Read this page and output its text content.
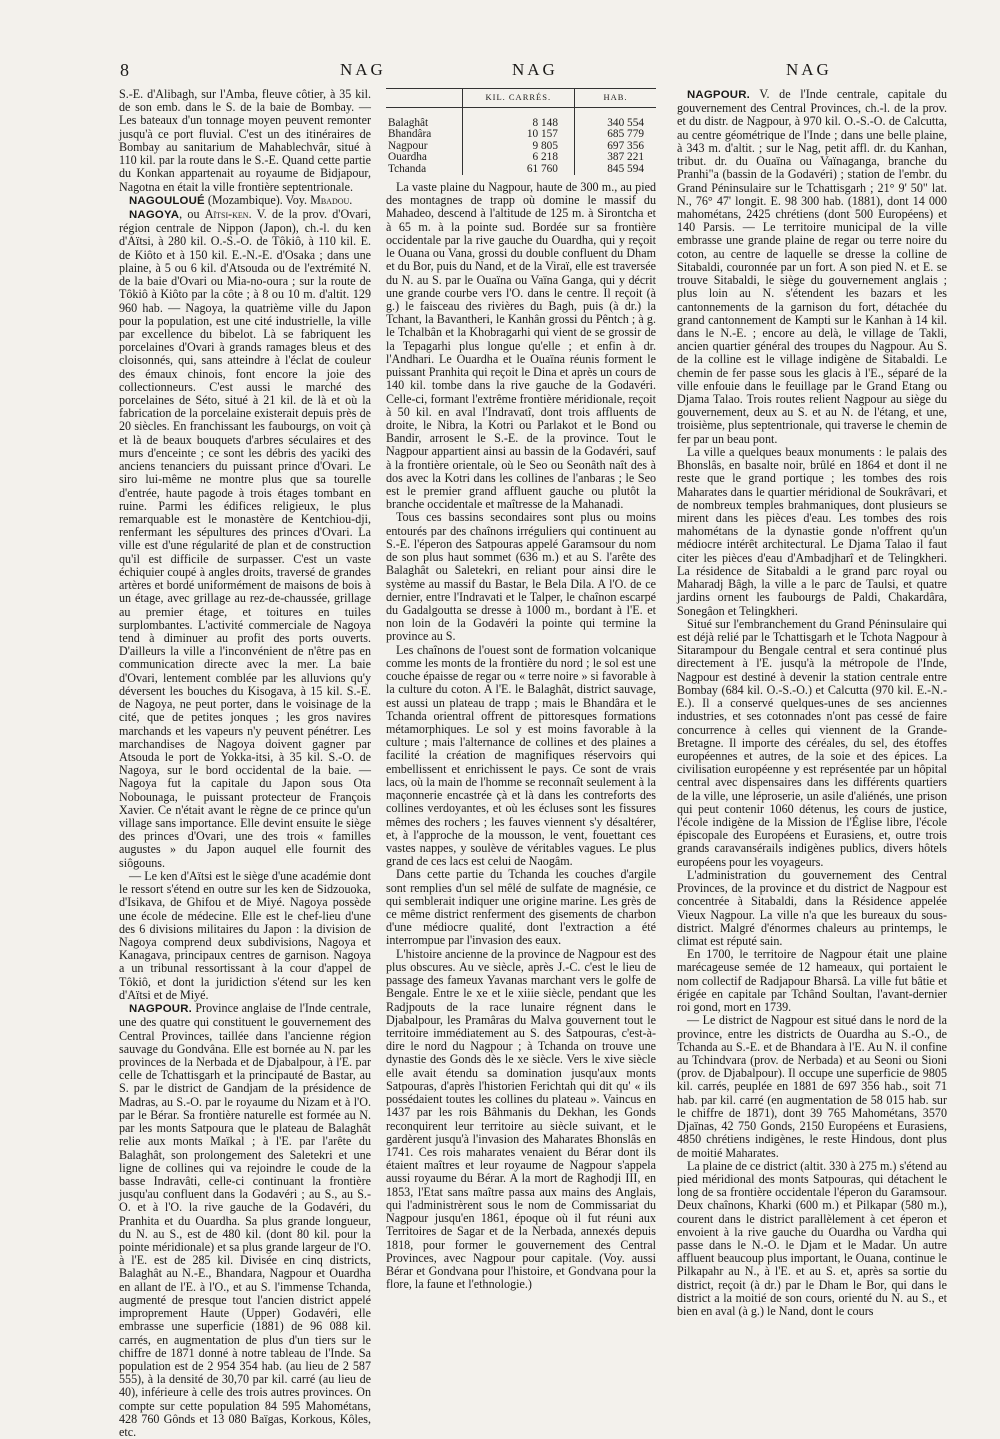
8	NAG	NAG	NAG

S.-E. d'Alibagh, sur l'Amba, fleuve côtier, à 35 kil. de son emb. dans le S. de la baie de Bombay. — Les bateaux d'un tonnage moyen peuvent remonter jusqu'à ce port fluvial. C'est un des itinéraires de Bombay au sanitarium de Mahablechvâr, situé à 110 kil. par la route dans le S.-E. Quand cette partie du Konkan appartenait au royaume de Bidjapour, Nagotna en était la ville frontière septentrionale.

NAGOULOUÉ (Mozambique). Voy. Mbadou.

NAGOYA, ou Aïtsi-ken. V. de la prov. d'Ovari, région centrale de Nippon (Japon), ch.-l. du ken d'Aïtsi, à 280 kil. O.-S.-O. de Tôkiô, à 110 kil. E. de Kiôto et à 150 kil. E.-N.-E. d'Osaka ; dans une plaine, à 5 ou 6 kil. d'Atsouda ou de l'extrémité N. de la baie d'Ovari ou Mia-no-oura ; sur la route de Tôkiô à Kiôto par la côte ; à 8 ou 10 m. d'altit. 129 960 hab. — Nagoya, la quatrième ville du Japon pour la population, est une cité industrielle, la ville par excellence du bibelot. Là se fabriquent les porcelaines d'Ovari à grands ramages bleus et des cloisonnés, qui, sans atteindre à l'éclat de couleur des émaux chinois, font encore la joie des collectionneurs. C'est aussi le marché des porcelaines de Séto, situé à 21 kil. de là et où la fabrication de la porcelaine existerait depuis près de 20 siècles. En franchissant les faubourgs, on voit çà et là de beaux bouquets d'arbres séculaires et des murs d'enceinte ; ce sont les débris des yaciki des anciens tenanciers du puissant prince d'Ovari. Le siro lui-même ne montre plus que sa tourelle d'entrée, haute pagode à trois étages tombant en ruine. Parmi les édifices religieux, le plus remarquable est le monastère de Kentchiou-dji, renfermant les sépultures des princes d'Ovari. La ville est d'une régularité de plan et de construction qu'il est difficile de surpasser. C'est un vaste échiquier coupé à angles droits, traversé de grandes artères et bordé uniformément de maisons de bois à un étage, avec grillage au rez-de-chaussée, grillage au premier étage, et toitures en tuiles surplombantes. L'activité commerciale de Nagoya tend à diminuer au profit des ports ouverts. D'ailleurs la ville a l'inconvénient de n'être pas en communication directe avec la mer. La baie d'Ovari, lentement comblée par les alluvions qu'y déversent les bouches du Kisogava, à 15 kil. S.-E. de Nagoya, ne peut porter, dans le voisinage de la cité, que de petites jonques ; les gros navires marchands et les vapeurs n'y peuvent pénétrer. Les marchandises de Nagoya doivent gagner par Atsouda le port de Yokka-itsi, à 35 kil. S.-O. de Nagoya, sur le bord occidental de la baie. — Nagoya fut la capitale du Japon sous Ota Nobounaga, le puissant protecteur de François Xavier. Ce n'était avant le règne de ce prince qu'un village sans importance. Elle devint ensuite le siège des princes d'Ovari, une des trois « familles augustes » du Japon auquel elle fournit des siôgouns.

— Le ken d'Aïtsi est le siège d'une académie dont le ressort s'étend en outre sur les ken de Sidzouoka, d'Isikava, de Ghifou et de Miyé. Nagoya possède une école de médecine. Elle est le chef-lieu d'une des 6 divisions militaires du Japon : la division de Nagoya comprend deux subdivisions, Nagoya et Kanagava, principaux centres de garnison. Nagoya a un tribunal ressortissant à la cour d'appel de Tôkiô, et dont la juridiction s'étend sur les ken d'Aïtsi et de Miyé.

NAGPOUR. Province anglaise de l'Inde centrale, une des quatre qui constituent le gouvernement des Central Provinces, taillée dans l'ancienne région sauvage du Gondvâna. Elle est bornée au N. par les provinces de la Nerbada et de Djabalpour, à l'E. par celle de Tchattisgarh et la principauté de Bastar, au S. par le district de Gandjam de la présidence de Madras, au S.-O. par le royaume du Nizam et à l'O. par le Bérar. Sa frontière naturelle est formée au N. par les monts Satpoura que le plateau de Balaghât relie aux monts Maïkal ; à l'E. par l'arête du Balaghât, son prolongement des Saletekri et une ligne de collines qui va rejoindre le coude de la basse Indravâti, celle-ci continuant la frontière jusqu'au confluent dans la Godavéri ; au S., au S.-O. et à l'O. la rive gauche de la Godavéri, du Pranhita et du Ouardha. Sa plus grande longueur, du N. au S., est de 480 kil. (dont 80 kil. pour la pointe méridionale) et sa plus grande largeur de l'O. à l'E. est de 285 kil. Divisée en cinq districts, Balaghât au N.-E., Bhandara, Nagpour et Ouardha en allant de l'E. à l'O., et au S. l'immense Tchanda, augmenté de presque tout l'ancien district appelé improprement Haute (Upper) Godavéri, elle embrasse une superficie (1881) de 96 088 kil. carrés, en augmentation de plus d'un tiers sur le chiffre de 1871 donné à notre tableau de l'Inde. Sa population est de 2 954 354 hab. (au lieu de 2 587 555), à la densité de 30,70 par kil. carré (au lieu de 40), inférieure à celle des trois autres provinces. On compte sur cette population 84 595 Mahométans, 428 760 Gônds et 13 080 Baïgas, Korkous, Kôles, etc.

	KIL. CARRÉS.	HAB.

Balaghât	8 148	340 554
Bhandâra	10 157	685 779
Nagpour	9 805	697 356
Ouardha	6 218	387 221
Tchanda	61 760	845 594

La vaste plaine du Nagpour, haute de 300 m., au pied des montagnes de trapp où domine le massif du Mahadeo, descend à l'altitude de 125 m. à Sirontcha et à 65 m. à la pointe sud. Bordée sur sa frontière occidentale par la rive gauche du Ouardha, qui y reçoit le Ouana ou Vana, grossi du double confluent du Dham et du Bor, puis du Nand, et de la Viraï, elle est traversée du N. au S. par le Ouaïna ou Vaïna Ganga, qui y décrit une grande courbe vers l'O. dans le centre. Il reçoit (à g.) le faisceau des rivières du Bagh, puis (à dr.) la Tchant, la Bavantheri, le Kanhân grossi du Pêntch ; à g. le Tchalbân et la Khobragarhi qui vient de se grossir de la Tepagarhi plus longue qu'elle ; et enfin à dr. l'Andhari. Le Ouardha et le Ouaïna réunis forment le puissant Pranhita qui reçoit le Dina et après un cours de 140 kil. tombe dans la rive gauche de la Godavéri. Celle-ci, formant l'extrême frontière méridionale, reçoit à 50 kil. en aval l'Indravatî, dont trois affluents de droite, le Nibra, la Kotri ou Parlakot et le Bond ou Bandir, arrosent le S.-E. de la province. Tout le Nagpour appartient ainsi au bassin de la Godavéri, sauf à la frontière orientale, où le Seo ou Seonâth naît des à dos avec la Kotri dans les collines de l'anbaras ; le Seo est le premier grand affluent gauche ou plutôt la branche occidentale et maîtresse de la Mahanadi.

Tous ces bassins secondaires sont plus ou moins entourés par des chaînons irréguliers qui continuent au S.-E. l'éperon des Satpouras appelé Garamsour du nom de son plus haut sommet (636 m.) et au S. l'arête des Balaghât ou Saletekri, en reliant pour ainsi dire le système au massif du Bastar, le Bela Dila. A l'O. de ce dernier, entre l'Indravati et le Talper, le chaînon escarpé du Gadalgoutta se dresse à 1000 m., bordant à l'E. et non loin de la Godavéri la pointe qui termine la province au S.

Les chaînons de l'ouest sont de formation volcanique comme les monts de la frontière du nord ; le sol est une couche épaisse de regar ou « terre noire » si favorable à la culture du coton. A l'E. le Balaghât, district sauvage, est aussi un plateau de trapp ; mais le Bhandâra et le Tchanda orientral offrent de pittoresques formations métamorphiques. Le sol y est moins favorable à la culture ; mais l'alternance de collines et des plaines a facilité la création de magnifiques réservoirs qui embellissent et enrichissent le pays. Ce sont de vrais lacs, où la main de l'homme se reconnaît seulement à la maçonnerie encastrée çà et là dans les contreforts des collines verdoyantes, et où les écluses sont les fissures mêmes des rochers ; les fauves viennent s'y désaltérer, et, à l'approche de la mousson, le vent, fouettant ces vastes nappes, y soulève de véritables vagues. Le plus grand de ces lacs est celui de Naogâm.

Dans cette partie du Tchanda les couches d'argile sont remplies d'un sel mêlé de sulfate de magnésie, ce qui semblerait indiquer une origine marine. Les grès de ce même district renferment des gisements de charbon d'une médiocre qualité, dont l'extraction a été interrompue par l'invasion des eaux.

L'histoire ancienne de la province de Nagpour est des plus obscures. Au ve siècle, après J.-C. c'est le lieu de passage des fameux Yavanas marchant vers le golfe de Bengale. Entre le xe et le xiiie siècle, pendant que les Radjpouts de la race lunaire régnent dans le Djabalpour, les Pramâras du Malva gouvernent tout le territoire immédiatement au S. des Satpouras, c'est-à-dire le nord du Nagpour ; à Tchanda on trouve une dynastie des Gonds dès le xe siècle. Vers le xive siècle elle avait étendu sa domination jusqu'aux monts Satpouras, d'après l'historien Ferichtah qui dit qu' « ils possédaient toutes les collines du plateau ». Vaincus en 1437 par les rois Bâhmanis du Dekhan, les Gonds reconquirent leur territoire au siècle suivant, et le gardèrent jusqu'à l'invasion des Maharates Bhonslâs en 1741. Ces rois maharates venaient du Bérar dont ils étaient maîtres et leur royaume de Nagpour s'appela aussi royaume du Bérar. A la mort de Raghodji III, en 1853, l'Etat sans maître passa aux mains des Anglais, qui l'administrèrent sous le nom de Commissariat du Nagpour jusqu'en 1861, époque où il fut réuni aux Territoires de Sagar et de la Nerbada, annexés depuis 1818, pour former le gouvernement des Central Provinces, avec Nagpour pour capitale. (Voy. aussi Bérar et Gondvana pour l'histoire, et Gondvana pour la flore, la faune et l'ethnologie.)

NAGPOUR. V. de l'Inde centrale, capitale du gouvernement des Central Provinces, ch.-l. de la prov. et du distr. de Nagpour, à 970 kil. O.-S.-O. de Calcutta, au centre géométrique de l'Inde ; dans une belle plaine, à 343 m. d'altit. ; sur le Nag, petit affl. dr. du Kanhan, tribut. dr. du Ouaïna ou Vaïnaganga, branche du Pranhi"a (bassin de la Godavéri) ; station de l'embr. du Grand Péninsulaire sur le Tchattisgarh ; 21° 9' 50" lat. N., 76° 47' longit. E. 98 300 hab. (1881), dont 14 000 mahométans, 2425 chrétiens (dont 500 Européens) et 140 Parsis. — Le territoire municipal de la ville embrasse une grande plaine de regar ou terre noire du coton, au centre de laquelle se dresse la colline de Sitabaldi, couronnée par un fort. A son pied N. et E. se trouve Sitabaldi, le siège du gouvernement anglais ; plus loin au N. s'étendent les bazars et les cantonnements de la garnison du fort, détachée du grand cantonnement de Kampti sur le Kanhan à 14 kil. dans le N.-E. ; encore au delà, le village de Takli, ancien quartier général des troupes du Nagpour. Au S. de la colline est le village indigène de Sitabaldi. Le chemin de fer passe sous les glacis à l'E., séparé de la ville enfouie dans le feuillage par le Grand Etang ou Djama Talao. Trois routes relient Nagpour au siège du gouvernement, deux au S. et au N. de l'étang, et une, troisième, plus septentrionale, qui traverse le chemin de fer par un beau pont.

La ville a quelques beaux monuments : le palais des Bhonslâs, en basalte noir, brûlé en 1864 et dont il ne reste que le grand portique ; les tombes des rois Maharates dans le quartier méridional de Soukrâvari, et de nombreux temples brahmaniques, dont plusieurs se mirent dans les pièces d'eau. Les tombes des rois mahométans de la dynastie gonde n'offrent qu'un médiocre intérêt architectural. Le Djama Talao il faut citer les pièces d'eau d'Ambadjharî et de Telingkheri. La résidence de Sitabaldi a le grand parc royal ou Maharadj Bâgh, la ville a le parc de Taulsi, et quatre jardins ornent les faubourgs de Paldi, Chakardâra, Sonegâon et Telingkheri.

Situé sur l'embranchement du Grand Péninsulaire qui est déjà relié par le Tchattisgarh et le Tchota Nagpour à Sitarampour du Bengale central et sera continué plus directement à l'E. jusqu'à la métropole de l'Inde, Nagpour est destiné à devenir la station centrale entre Bombay (684 kil. O.-S.-O.) et Calcutta (970 kil. E.-N.-E.). Il a conservé quelques-unes de ses anciennes industries, et ses cotonnades n'ont pas cessé de faire concurrence à celles qui viennent de la Grande-Bretagne. Il importe des céréales, du sel, des étoffes européennes et autres, de la soie et des épices. La civilisation européenne y est représentée par un hôpital central avec dispensaires dans les différents quartiers de la ville, une léproserie, un asile d'aliénés, une prison qui peut contenir 1060 détenus, les cours de justice, l'école indigène de la Mission de l'Église libre, l'école épiscopale des Européens et Eurasiens, et, outre trois grands caravansérails indigènes publics, divers hôtels européens pour les voyageurs.

L'administration du gouvernement des Central Provinces, de la province et du district de Nagpour est concentrée à Sitabaldi, dans la Résidence appelée Vieux Nagpour. La ville n'a que les bureaux du sous-district. Malgré d'énormes chaleurs au printemps, le climat est réputé sain.

En 1700, le territoire de Nagpour était une plaine marécageuse semée de 12 hameaux, qui portaient le nom collectif de Radjapour Bharsâ. La ville fut bâtie et érigée en capitale par Tchând Soultan, l'avant-dernier roi gond, mort en 1739.

— Le district de Nagpour est situé dans le nord de la province, entre les districts de Ouardha au S.-O., de Tchanda au S.-E. et de Bhandara à l'E. Au N. il confine au Tchindvara (prov. de Nerbada) et au Seoni ou Sioni (prov. de Djabalpour). Il occupe une superficie de 9805 kil. carrés, peuplée en 1881 de 697 356 hab., soit 71 hab. par kil. carré (en augmentation de 58 015 hab. sur le chiffre de 1871), dont 39 765 Mahométans, 3570 Djaïnas, 42 750 Gonds, 2150 Européens et Eurasiens, 4850 chrétiens indigènes, le reste Hindous, dont plus de moitié Maharates.

La plaine de ce district (altit. 330 à 275 m.) s'étend au pied méridional des monts Satpouras, qui détachent le long de sa frontière occidentale l'éperon du Garamsour. Deux chaînons, Kharki (600 m.) et Pilkapar (580 m.), courent dans le district parallèlement à cet éperon et envoient à la rive gauche du Ouardha ou Vardha qui passe dans le N.-O. le Djam et le Madar. Un autre affluent beaucoup plus important, le Ouana, continue le Pilkapahr au N., à l'E. et au S. et, après sa sortie du district, reçoit (à dr.) par le Dham le Bor, qui dans le district a la moitié de son cours, orienté du N. au S., et bien en aval (à g.) le Nand, dont le cours
